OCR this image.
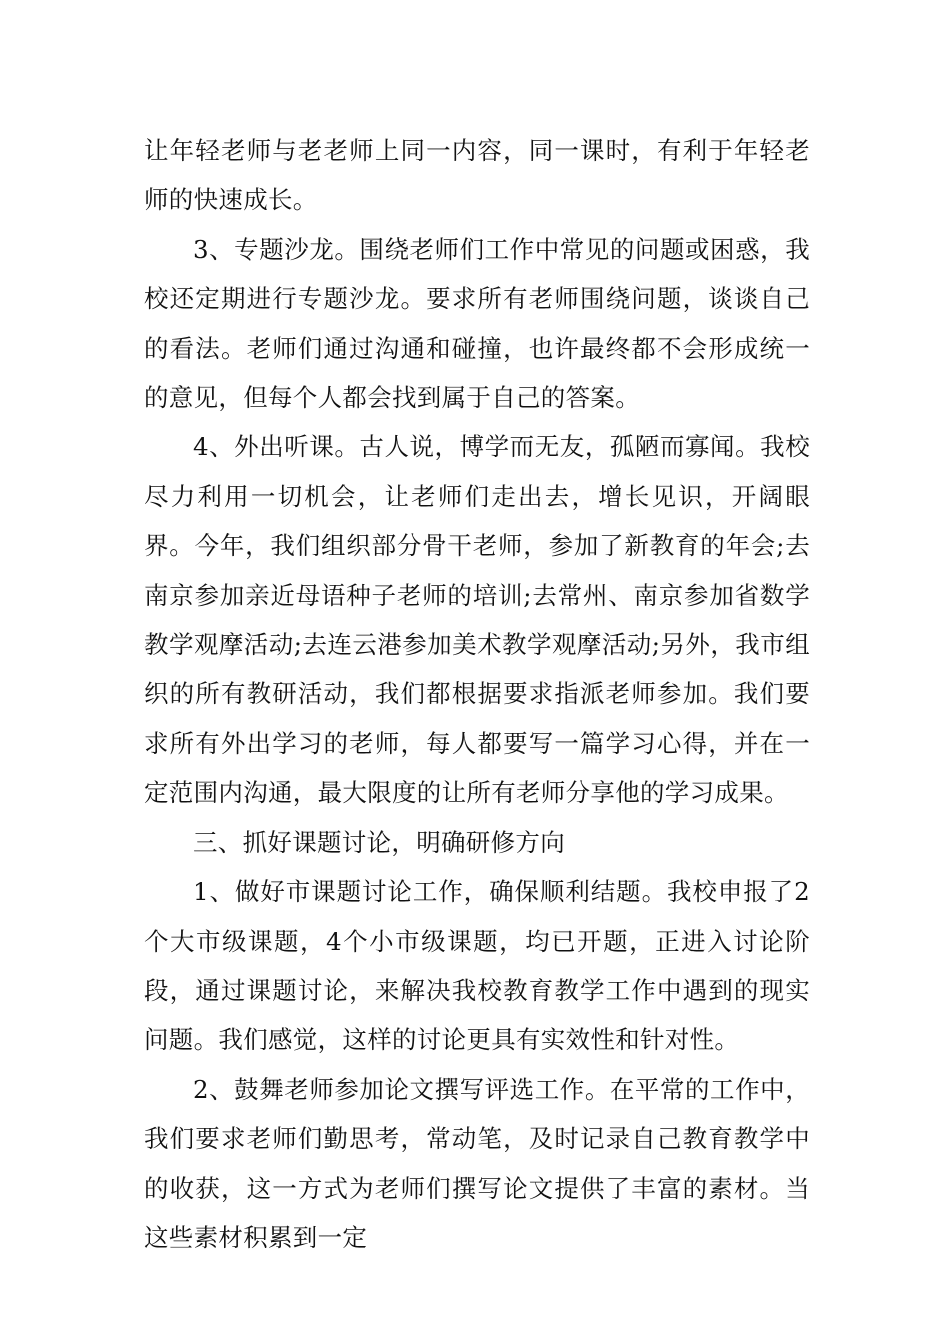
让年轻老师与老老师上同一内容，同一课时，有利于年轻老师的快速成长。

3、专题沙龙。围绕老师们工作中常见的问题或困惑，我校还定期进行专题沙龙。要求所有老师围绕问题，谈谈自己的看法。老师们通过沟通和碰撞，也许最终都不会形成统一的意见，但每个人都会找到属于自己的答案。

4、外出听课。古人说，博学而无友，孤陋而寡闻。我校尽力利用一切机会，让老师们走出去，增长见识，开阔眼界。今年，我们组织部分骨干老师，参加了新教育的年会;去南京参加亲近母语种子老师的培训;去常州、南京参加省数学教学观摩活动;去连云港参加美术教学观摩活动;另外，我市组织的所有教研活动，我们都根据要求指派老师参加。我们要求所有外出学习的老师，每人都要写一篇学习心得，并在一定范围内沟通，最大限度的让所有老师分享他的学习成果。

三、抓好课题讨论，明确研修方向

1、做好市课题讨论工作，确保顺利结题。我校申报了2个大市级课题，4个小市级课题，均已开题，正进入讨论阶段，通过课题讨论，来解决我校教育教学工作中遇到的现实问题。我们感觉，这样的讨论更具有实效性和针对性。

2、鼓舞老师参加论文撰写评选工作。在平常的工作中，我们要求老师们勤思考，常动笔，及时记录自己教育教学中的收获，这一方式为老师们撰写论文提供了丰富的素材。当这些素材积累到一定
